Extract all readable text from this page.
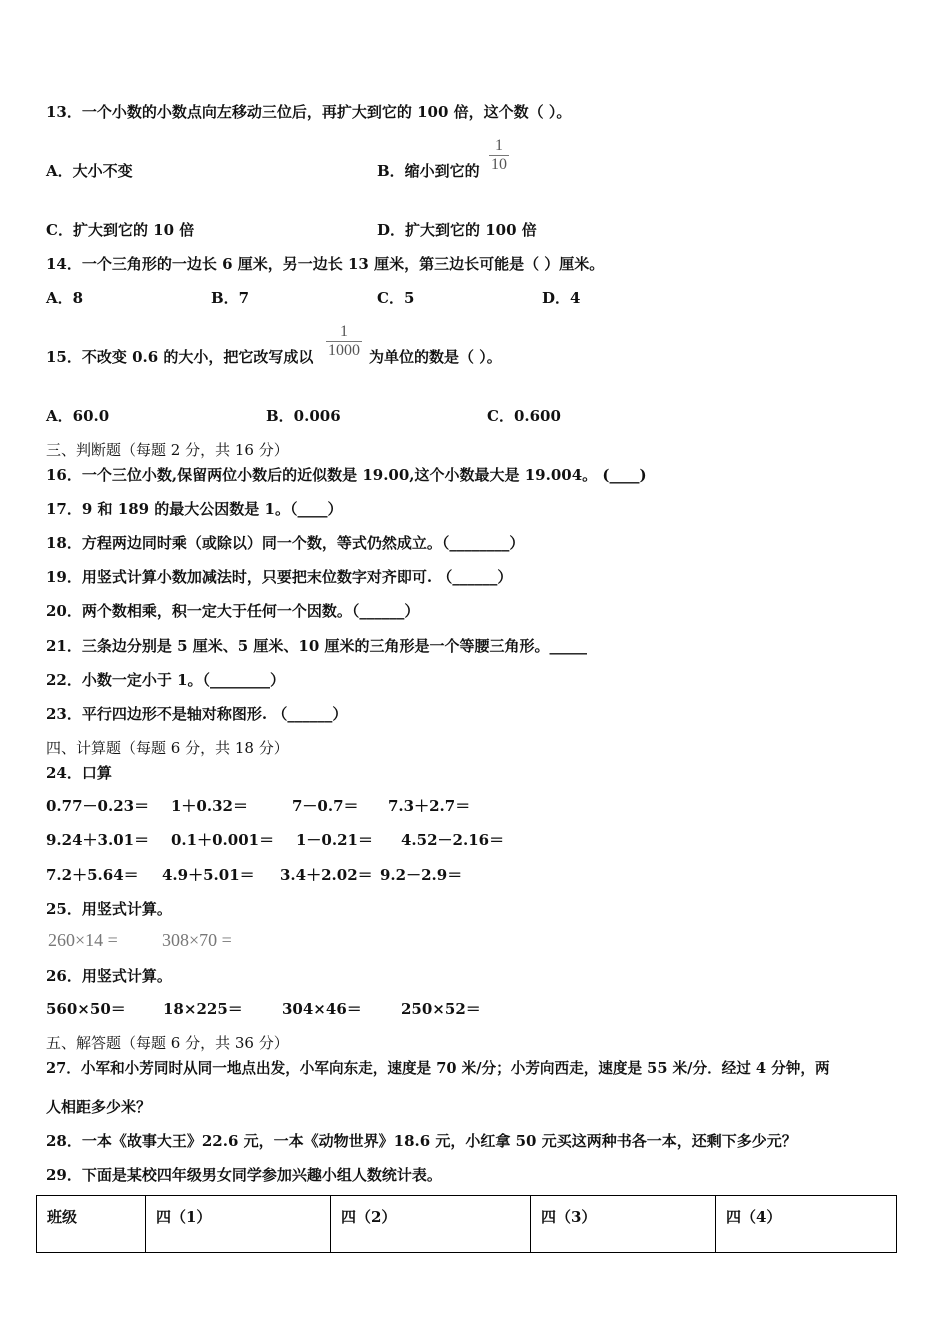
13．一个小数的小数点向左移动三位后，再扩大到它的 100 倍，这个数（ ）。
A．大小不变	B．缩小到它的
1
10
C．扩大到它的 10 倍	D．扩大到它的 100 倍
14．一个三角形的一边长 6 厘米，另一边长 13 厘米，第三边长可能是（ ）厘米。
A．8	B．7	C．5	D．4
15．不改变 0.6 的大小，把它改写成以
1
1000 为单位的数是（ ）。
A．60.0	B．0.006	C．0.600
三、判断题（每题 2 分，共 16 分）
16．一个三位小数,保留两位小数后的近似数是 19.00,这个小数最大是 19.004。 (____)
17．9 和 189 的最大公因数是 1。（____）
18．方程两边同时乘（或除以）同一个数，等式仍然成立。（________）
19．用竖式计算小数加减法时，只要把末位数字对齐即可. （______）
20．两个数相乘，积一定大于任何一个因数。（______）
21．三条边分别是 5 厘米、5 厘米、10 厘米的三角形是一个等腰三角形。_____
22．小数一定小于 1。（________）
23．平行四边形不是轴对称图形. （______）
四、计算题（每题 6 分，共 18 分）
24．口算
0.77－0.23＝ 1＋0.32＝	7－0.7＝ 7.3＋2.7＝
9.24＋3.01＝ 0.1＋0.001＝ 1－0.21＝ 4.52－2.16＝
7.2＋5.64＝ 4.9＋5.01＝ 3.4＋2.02＝ 9.2－2.9＝
25．用竖式计算。
260×14 = 308×70 =
26．用竖式计算。
560×50＝ 18×225＝	304×46＝	250×52＝
五、解答题（每题 6 分，共 36 分）
27．小军和小芳同时从同一地点出发，小军向东走，速度是 70 米/分；小芳向西走，速度是 55 米/分．经过 4 分钟，两
人相距多少米？
28．一本《故事大王》22.6 元，一本《动物世界》18.6 元，小红拿 50 元买这两种书各一本，还剩下多少元？
29．下面是某校四年级男女同学参加兴趣小组人数统计表。
班级	四（1）	四（2）	四（3）	四（4）
